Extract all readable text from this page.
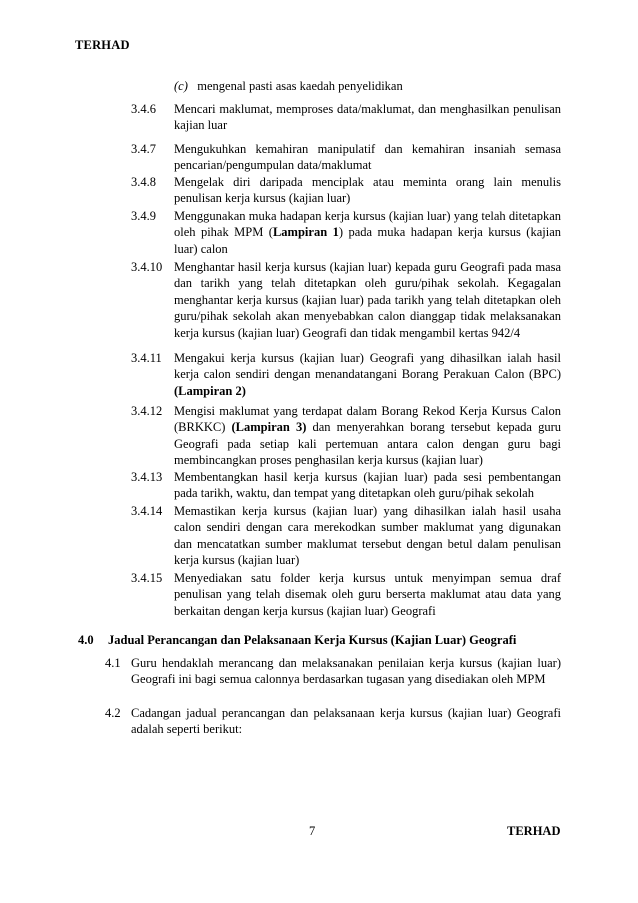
TERHAD
(c) mengenal pasti asas kaedah penyelidikan
3.4.6 Mencari maklumat, memproses data/maklumat, dan menghasilkan penulisan kajian luar
3.4.7 Mengukuhkan kemahiran manipulatif dan kemahiran insaniah semasa pencarian/pengumpulan data/maklumat
3.4.8 Mengelak diri daripada menciplak atau meminta orang lain menulis penulisan kerja kursus (kajian luar)
3.4.9 Menggunakan muka hadapan kerja kursus (kajian luar) yang telah ditetapkan oleh pihak MPM (Lampiran 1) pada muka hadapan kerja kursus (kajian luar) calon
3.4.10 Menghantar hasil kerja kursus (kajian luar) kepada guru Geografi pada masa dan tarikh yang telah ditetapkan oleh guru/pihak sekolah. Kegagalan menghantar kerja kursus (kajian luar) pada tarikh yang telah ditetapkan oleh guru/pihak sekolah akan menyebabkan calon dianggap tidak melaksanakan kerja kursus (kajian luar) Geografi dan tidak mengambil kertas 942/4
3.4.11 Mengakui kerja kursus (kajian luar) Geografi yang dihasilkan ialah hasil kerja calon sendiri dengan menandatangani Borang Perakuan Calon (BPC) (Lampiran 2)
3.4.12 Mengisi maklumat yang terdapat dalam Borang Rekod Kerja Kursus Calon (BRKKC) (Lampiran 3) dan menyerahkan borang tersebut kepada guru Geografi pada setiap kali pertemuan antara calon dengan guru bagi membincangkan proses penghasilan kerja kursus (kajian luar)
3.4.13 Membentangkan hasil kerja kursus (kajian luar) pada sesi pembentangan pada tarikh, waktu, dan tempat yang ditetapkan oleh guru/pihak sekolah
3.4.14 Memastikan kerja kursus (kajian luar) yang dihasilkan ialah hasil usaha calon sendiri dengan cara merekodkan sumber maklumat yang digunakan dan mencatatkan sumber maklumat tersebut dengan betul dalam penulisan kerja kursus (kajian luar)
3.4.15 Menyediakan satu folder kerja kursus untuk menyimpan semua draf penulisan yang telah disemak oleh guru berserta maklumat atau data yang berkaitan dengan kerja kursus (kajian luar) Geografi
4.0 Jadual Perancangan dan Pelaksanaan Kerja Kursus (Kajian Luar) Geografi
4.1 Guru hendaklah merancang dan melaksanakan penilaian kerja kursus (kajian luar) Geografi ini bagi semua calonnya berdasarkan tugasan yang disediakan oleh MPM
4.2 Cadangan jadual perancangan dan pelaksanaan kerja kursus (kajian luar) Geografi adalah seperti berikut:
7	TERHAD
